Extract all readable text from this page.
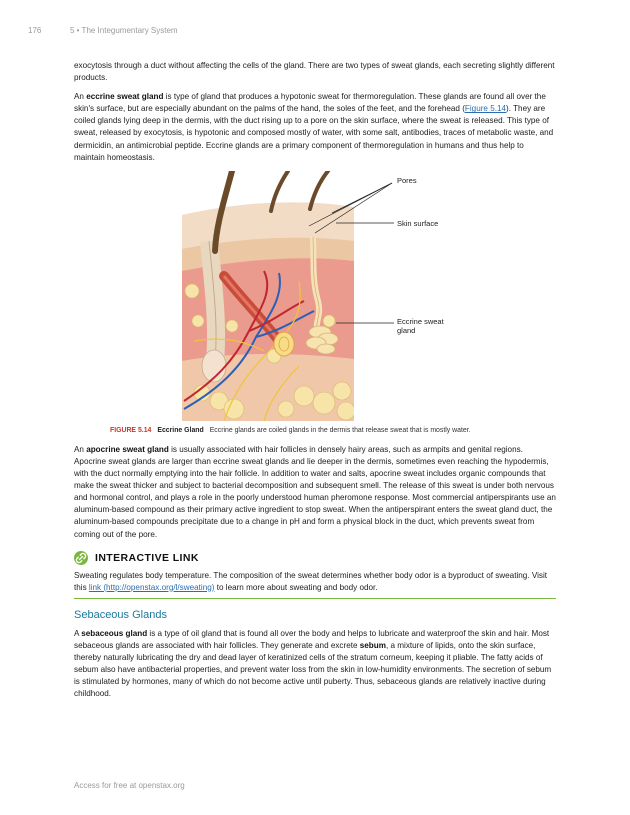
176	5 • The Integumentary System

exocytosis through a duct without affecting the cells of the gland. There are two types of sweat glands, each secreting slightly different products.

An eccrine sweat gland is type of gland that produces a hypotonic sweat for thermoregulation. These glands are found all over the skin's surface, but are especially abundant on the palms of the hand, the soles of the feet, and the forehead (Figure 5.14). They are coiled glands lying deep in the dermis, with the duct rising up to a pore on the skin surface, where the sweat is released. This type of sweat, released by exocytosis, is hypotonic and composed mostly of water, with some salt, antibodies, traces of metabolic waste, and dermicidin, an antimicrobial peptide. Eccrine glands are a primary component of thermoregulation in humans and thus help to maintain homeostasis.

Pores
Skin surface
Eccrine sweat
gland
FIGURE 5.14 Eccrine Gland Eccrine glands are coiled glands in the dermis that release sweat that is mostly water.

An apocrine sweat gland is usually associated with hair follicles in densely hairy areas, such as armpits and genital regions. Apocrine sweat glands are larger than eccrine sweat glands and lie deeper in the dermis, sometimes even reaching the hypodermis, with the duct normally emptying into the hair follicle. In addition to water and salts, apocrine sweat includes organic compounds that make the sweat thicker and subject to bacterial decomposition and subsequent smell. The release of this sweat is under both nervous and hormonal control, and plays a role in the poorly understood human pheromone response. Most commercial antiperspirants use an aluminum-based compound as their primary active ingredient to stop sweat. When the antiperspirant enters the sweat gland duct, the aluminum-based compounds precipitate due to a change in pH and form a physical block in the duct, which prevents sweat from coming out of the pore.

INTERACTIVE LINK

Sweating regulates body temperature. The composition of the sweat determines whether body odor is a byproduct of sweating. Visit this link (http://openstax.org/l/sweating) to learn more about sweating and body odor.

Sebaceous Glands

A sebaceous gland is a type of oil gland that is found all over the body and helps to lubricate and waterproof the skin and hair. Most sebaceous glands are associated with hair follicles. They generate and excrete sebum, a mixture of lipids, onto the skin surface, thereby naturally lubricating the dry and dead layer of keratinized cells of the stratum corneum, keeping it pliable. The fatty acids of sebum also have antibacterial properties, and prevent water loss from the skin in low-humidity environments. The secretion of sebum is stimulated by hormones, many of which do not become active until puberty. Thus, sebaceous glands are relatively inactive during childhood.

Access for free at openstax.org
